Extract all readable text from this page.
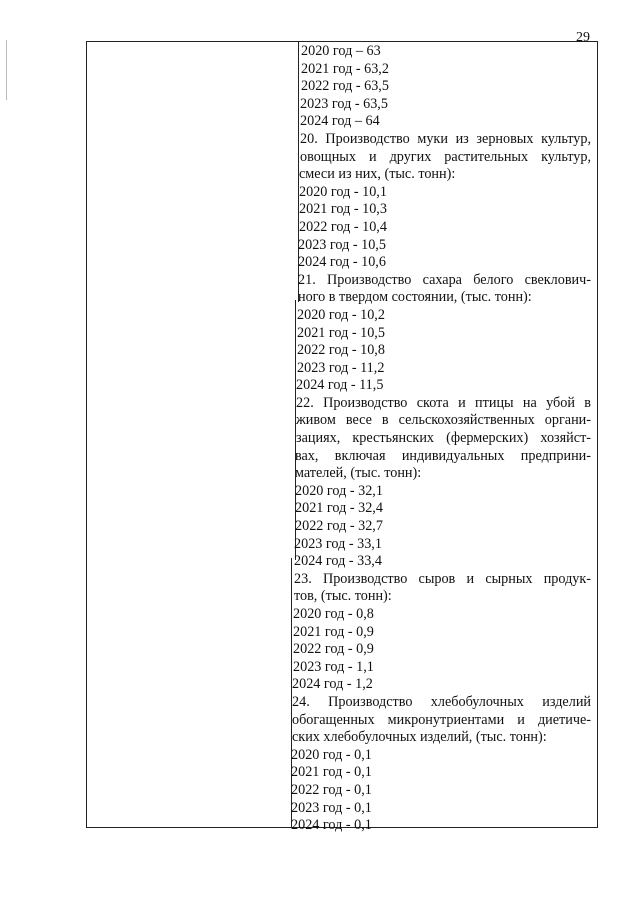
29
2020 год – 63
2021 год - 63,2
2022 год - 63,5
2023 год - 63,5
2024 год – 64
20. Производство муки из зерновых культур,
овощных и других растительных культур,
смеси из них, (тыс. тонн):
2020 год - 10,1
2021 год - 10,3
2022 год - 10,4
2023 год - 10,5
2024 год - 10,6
21. Производство сахара белого свеклович-
ного в твердом состоянии, (тыс. тонн):
2020 год - 10,2
2021 год - 10,5
2022 год - 10,8
2023 год - 11,2
2024 год - 11,5
22. Производство скота и птицы на убой в
живом весе в сельскохозяйственных органи-
зациях, крестьянских (фермерских) хозяйст-
вах, включая индивидуальных предприни-
мателей, (тыс. тонн):
2020 год - 32,1
2021 год - 32,4
2022 год - 32,7
2023 год - 33,1
2024 год - 33,4
23. Производство сыров и сырных продук-
тов, (тыс. тонн):
2020 год - 0,8
2021 год - 0,9
2022 год - 0,9
2023 год - 1,1
2024 год - 1,2
24. Производство хлебобулочных изделий
обогащенных микронутриентами и диетиче-
ских хлебобулочных изделий, (тыс. тонн):
2020 год - 0,1
2021 год - 0,1
2022 год - 0,1
2023 год - 0,1
2024 год - 0,1
